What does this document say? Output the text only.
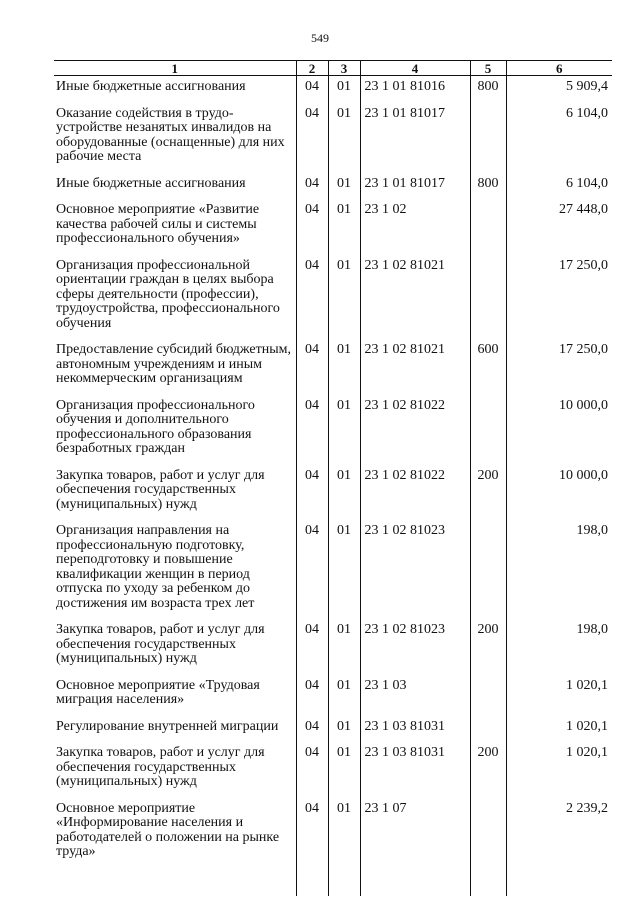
549
1	2	3	4	5	6
Иные бюджетные ассигнования	04	01	23 1 01 81016	800	5 909,4
Оказание содействия в трудо-устройстве незанятых инвалидов на оборудованные (оснащенные) для них рабочие места	04	01	23 1 01 81017		6 104,0
Иные бюджетные ассигнования	04	01	23 1 01 81017	800	6 104,0
Основное мероприятие «Развитие качества рабочей силы и системы профессионального обучения»	04	01	23 1 02		27 448,0
Организация профессиональной ориентации граждан в целях выбора сферы деятельности (профессии), трудоустройства, профессионального обучения	04	01	23 1 02 81021		17 250,0
Предоставление субсидий бюджетным, автономным учреждениям и иным некоммерческим организациям	04	01	23 1 02 81021	600	17 250,0
Организация профессионального обучения и дополнительного профессионального образования безработных граждан	04	01	23 1 02 81022		10 000,0
Закупка товаров, работ и услуг для обеспечения государственных (муниципальных) нужд	04	01	23 1 02 81022	200	10 000,0
Организация направления на профессиональную подготовку, переподготовку и повышение квалификации женщин в период отпуска по уходу за ребенком до достижения им возраста трех лет	04	01	23 1 02 81023		198,0
Закупка товаров, работ и услуг для обеспечения государственных (муниципальных) нужд	04	01	23 1 02 81023	200	198,0
Основное мероприятие «Трудовая миграция населения»	04	01	23 1 03		1 020,1
Регулирование внутренней миграции	04	01	23 1 03 81031		1 020,1
Закупка товаров, работ и услуг для обеспечения государственных (муниципальных) нужд	04	01	23 1 03 81031	200	1 020,1
Основное мероприятие «Информирование населения и работодателей о положении на рынке труда»	04	01	23 1 07		2 239,2
